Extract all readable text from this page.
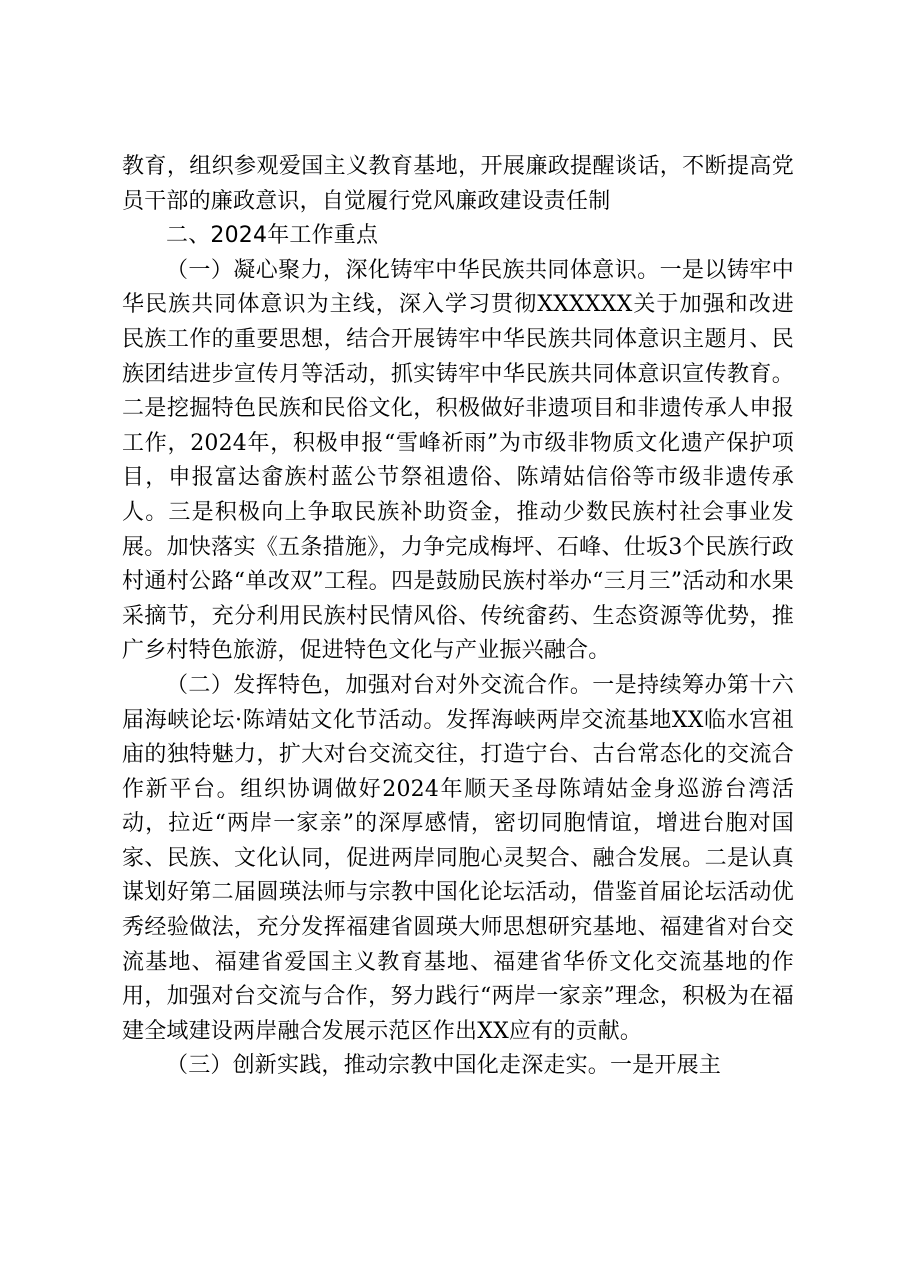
教育，组织参观爱国主义教育基地，开展廉政提醒谈话，不断提高党员干部的廉政意识，自觉履行党风廉政建设责任制

二、2024年工作重点

（一）凝心聚力，深化铸牢中华民族共同体意识。一是以铸牢中华民族共同体意识为主线，深入学习贯彻XXXXXX关于加强和改进民族工作的重要思想，结合开展铸牢中华民族共同体意识主题月、民族团结进步宣传月等活动，抓实铸牢中华民族共同体意识宣传教育。二是挖掘特色民族和民俗文化，积极做好非遗项目和非遗传承人申报工作，2024年，积极申报“雪峰祈雨”为市级非物质文化遗产保护项目，申报富达畲族村蓝公节祭祖遗俗、陈靖姑信俗等市级非遗传承人。三是积极向上争取民族补助资金，推动少数民族村社会事业发展。加快落实《五条措施》，力争完成梅坪、石峰、仕坂3个民族行政村通村公路“单改双”工程。四是鼓励民族村举办“三月三”活动和水果采摘节，充分利用民族村民情风俗、传统畲药、生态资源等优势，推广乡村特色旅游，促进特色文化与产业振兴融合。

（二）发挥特色，加强对台对外交流合作。一是持续筹办第十六届海峡论坛·陈靖姑文化节活动。发挥海峡两岸交流基地XX临水宫祖庙的独特魅力，扩大对台交流交往，打造宁台、古台常态化的交流合作新平台。组织协调做好2024年顺天圣母陈靖姑金身巡游台湾活动，拉近“两岸一家亲”的深厚感情，密切同胞情谊，增进台胞对国家、民族、文化认同，促进两岸同胞心灵契合、融合发展。二是认真谋划好第二届圆瑛法师与宗教中国化论坛活动，借鉴首届论坛活动优秀经验做法，充分发挥福建省圆瑛大师思想研究基地、福建省对台交流基地、福建省爱国主义教育基地、福建省华侨文化交流基地的作用，加强对台交流与合作，努力践行“两岸一家亲”理念，积极为在福建全域建设两岸融合发展示范区作出XX应有的贡献。

（三）创新实践，推动宗教中国化走深走实。一是开展主
